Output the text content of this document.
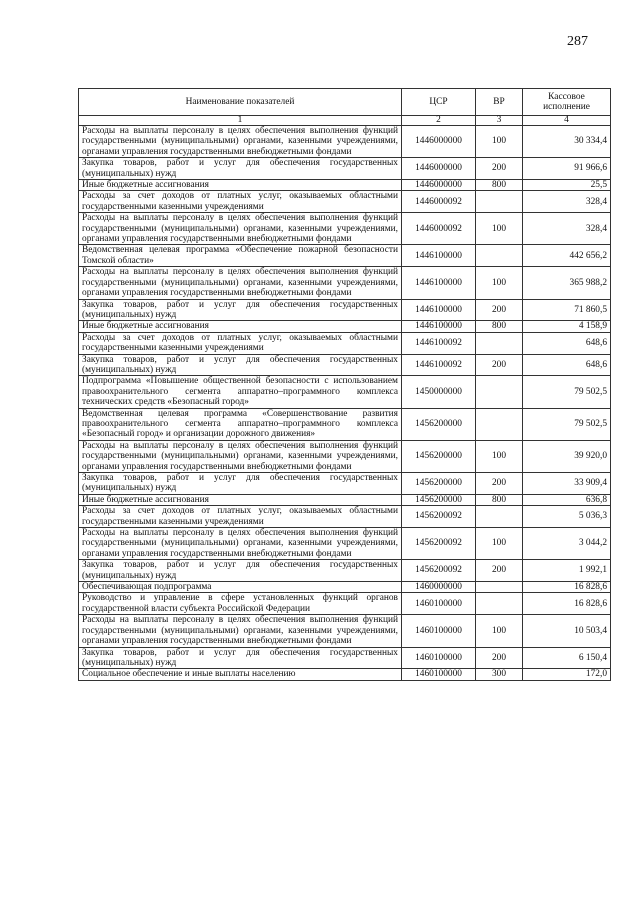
287
Наименование показателей	ЦСР	ВР	Кассовое исполнение
1	2	3	4
Расходы на выплаты персоналу в целях обеспечения выполнения функций государственными (муниципальными) органами, казенными учреждениями, органами управления государственными внебюджетными фондами	1446000000	100	30 334,4
Закупка товаров, работ и услуг для обеспечения государственных (муниципальных) нужд	1446000000	200	91 966,6
Иные бюджетные ассигнования	1446000000	800	25,5
Расходы за счет доходов от платных услуг, оказываемых областными государственными казенными учреждениями	1446000092		328,4
Расходы на выплаты персоналу в целях обеспечения выполнения функций государственными (муниципальными) органами, казенными учреждениями, органами управления государственными внебюджетными фондами	1446000092	100	328,4
Ведомственная целевая программа «Обеспечение пожарной безопасности Томской области»	1446100000		442 656,2
Расходы на выплаты персоналу в целях обеспечения выполнения функций государственными (муниципальными) органами, казенными учреждениями, органами управления государственными внебюджетными фондами	1446100000	100	365 988,2
Закупка товаров, работ и услуг для обеспечения государственных (муниципальных) нужд	1446100000	200	71 860,5
Иные бюджетные ассигнования	1446100000	800	4 158,9
Расходы за счет доходов от платных услуг, оказываемых областными государственными казенными учреждениями	1446100092		648,6
Закупка товаров, работ и услуг для обеспечения государственных (муниципальных) нужд	1446100092	200	648,6
Подпрограмма «Повышение общественной безопасности с использованием правоохранительного сегмента аппаратно–программного комплекса технических средств «Безопасный город»	1450000000		79 502,5
Ведомственная целевая программа «Совершенствование развития правоохранительного сегмента аппаратно–программного комплекса «Безопасный город» и организации дорожного движения»	1456200000		79 502,5
Расходы на выплаты персоналу в целях обеспечения выполнения функций государственными (муниципальными) органами, казенными учреждениями, органами управления государственными внебюджетными фондами	1456200000	100	39 920,0
Закупка товаров, работ и услуг для обеспечения государственных (муниципальных) нужд	1456200000	200	33 909,4
Иные бюджетные ассигнования	1456200000	800	636,8
Расходы за счет доходов от платных услуг, оказываемых областными государственными казенными учреждениями	1456200092		5 036,3
Расходы на выплаты персоналу в целях обеспечения выполнения функций государственными (муниципальными) органами, казенными учреждениями, органами управления государственными внебюджетными фондами	1456200092	100	3 044,2
Закупка товаров, работ и услуг для обеспечения государственных (муниципальных) нужд	1456200092	200	1 992,1
Обеспечивающая подпрограмма	1460000000		16 828,6
Руководство и управление в сфере установленных функций органов государственной власти субъекта Российской Федерации	1460100000		16 828,6
Расходы на выплаты персоналу в целях обеспечения выполнения функций государственными (муниципальными) органами, казенными учреждениями, органами управления государственными внебюджетными фондами	1460100000	100	10 503,4
Закупка товаров, работ и услуг для обеспечения государственных (муниципальных) нужд	1460100000	200	6 150,4
Социальное обеспечение и иные выплаты населению	1460100000	300	172,0
